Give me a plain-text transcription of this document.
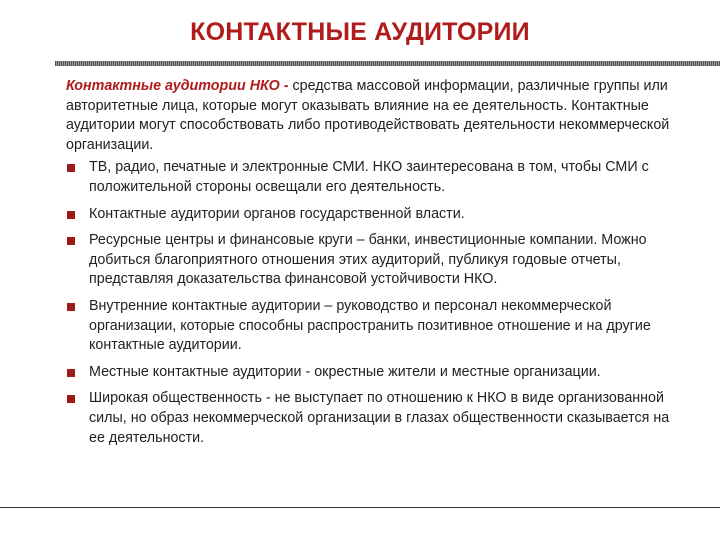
КОНТАКТНЫЕ АУДИТОРИИ

Контактные аудитории НКО - средства массовой информации, различные группы или авторитетные лица, которые могут оказывать влияние на ее деятельность. Контактные аудитории могут способствовать либо противодействовать деятельности некоммерческой организации.

ТВ, радио, печатные и электронные СМИ. НКО заинтересована в том, чтобы СМИ с положительной стороны освещали его деятельность.
Контактные аудитории органов государственной власти.
Ресурсные центры и финансовые круги – банки, инвестиционные компании. Можно добиться благоприятного отношения этих аудиторий, публикуя годовые отчеты, представляя доказательства финансовой устойчивости НКО.
Внутренние контактные аудитории – руководство и персонал некоммерческой организации, которые способны распространить позитивное отношение и на другие контактные аудитории.
Местные контактные аудитории - окрестные жители и местные организации.
Широкая общественность - не выступает по отношению к НКО в виде организованной силы, но образ некоммерческой организации в глазах общественности сказывается на ее деятельности.
